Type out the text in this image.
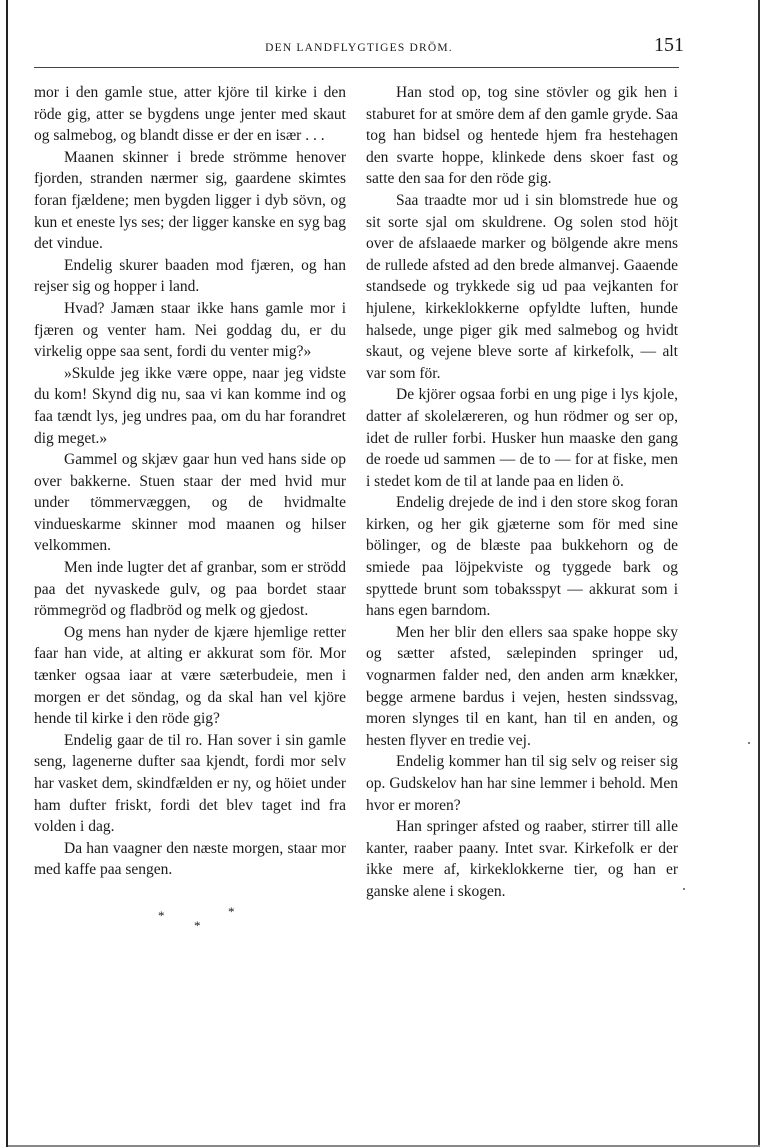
DEN LANDFLYGTIGES DRÖM.	151

mor i den gamle stue, atter kjöre til kirke i den röde gig, atter se bygdens unge jenter med skaut og salmebog, og blandt disse er der en især . . .

Maanen skinner i brede strömme henover fjorden, stranden nærmer sig, gaardene skimtes foran fjældene; men bygden ligger i dyb sövn, og kun et eneste lys ses; der ligger kanske en syg bag det vindue.

Endelig skurer baaden mod fjæren, og han rejser sig og hopper i land.

Hvad? Jamæn staar ikke hans gamle mor i fjæren og venter ham. Nei goddag du, er du virkelig oppe saa sent, fordi du venter mig?»

»Skulde jeg ikke være oppe, naar jeg vidste du kom! Skynd dig nu, saa vi kan komme ind og faa tændt lys, jeg undres paa, om du har forandret dig meget.»

Gammel og skjæv gaar hun ved hans side op over bakkerne. Stuen staar der med hvid mur under tömmervæggen, og de hvidmalte vindueskarme skinner mod maanen og hilser velkommen.

Men inde lugter det af granbar, som er strödd paa det nyvaskede gulv, og paa bordet staar römmegröd og fladbröd og melk og gjedost.

Og mens han nyder de kjære hjemlige retter faar han vide, at alting er akkurat som för. Mor tænker ogsaa iaar at være sæterbudeie, men i morgen er det söndag, og da skal han vel kjöre hende til kirke i den röde gig?

Endelig gaar de til ro. Han sover i sin gamle seng, lagenerne dufter saa kjendt, fordi mor selv har vasket dem, skindfælden er ny, og höiet under ham dufter friskt, fordi det blev taget ind fra volden i dag.

Da han vaagner den næste morgen, staar mor med kaffe paa sengen.

*
*
*

Han stod op, tog sine stövler og gik hen i staburet for at smöre dem af den gamle gryde. Saa tog han bidsel og hentede hjem fra hestehagen den svarte hoppe, klinkede dens skoer fast og satte den saa for den röde gig.

Saa traadte mor ud i sin blomstrede hue og sit sorte sjal om skuldrene. Og solen stod höjt over de afslaaede marker og bölgende akre mens de rullede afsted ad den brede almanvej. Gaaende standsede og trykkede sig ud paa vejkanten for hjulene, kirkeklokkerne opfyldte luften, hunde halsede, unge piger gik med salmebog og hvidt skaut, og vejene bleve sorte af kirkefolk, — alt var som för.

De kjörer ogsaa forbi en ung pige i lys kjole, datter af skolelæreren, og hun rödmer og ser op, idet de ruller forbi. Husker hun maaske den gang de roede ud sammen — de to — for at fiske, men i stedet kom de til at lande paa en liden ö.

Endelig drejede de ind i den store skog foran kirken, og her gik gjæterne som för med sine bölinger, og de blæste paa bukkehorn og de smiede paa löjpekviste og tyggede bark og spyttede brunt som tobaksspyt — akkurat som i hans egen barndom.

Men her blir den ellers saa spake hoppe sky og sætter afsted, sælepinden springer ud, vognarmen falder ned, den anden arm knækker, begge armene bardus i vejen, hesten sindssvag, moren slynges til en kant, han til en anden, og hesten flyver en tredie vej.

Endelig kommer han til sig selv og reiser sig op. Gudskelov han har sine lemmer i behold. Men hvor er moren?

Han springer afsted og raaber, stirrer till alle kanter, raaber paany. Intet svar. Kirkefolk er der ikke mere af, kirkeklokkerne tier, og han er ganske alene i skogen.
